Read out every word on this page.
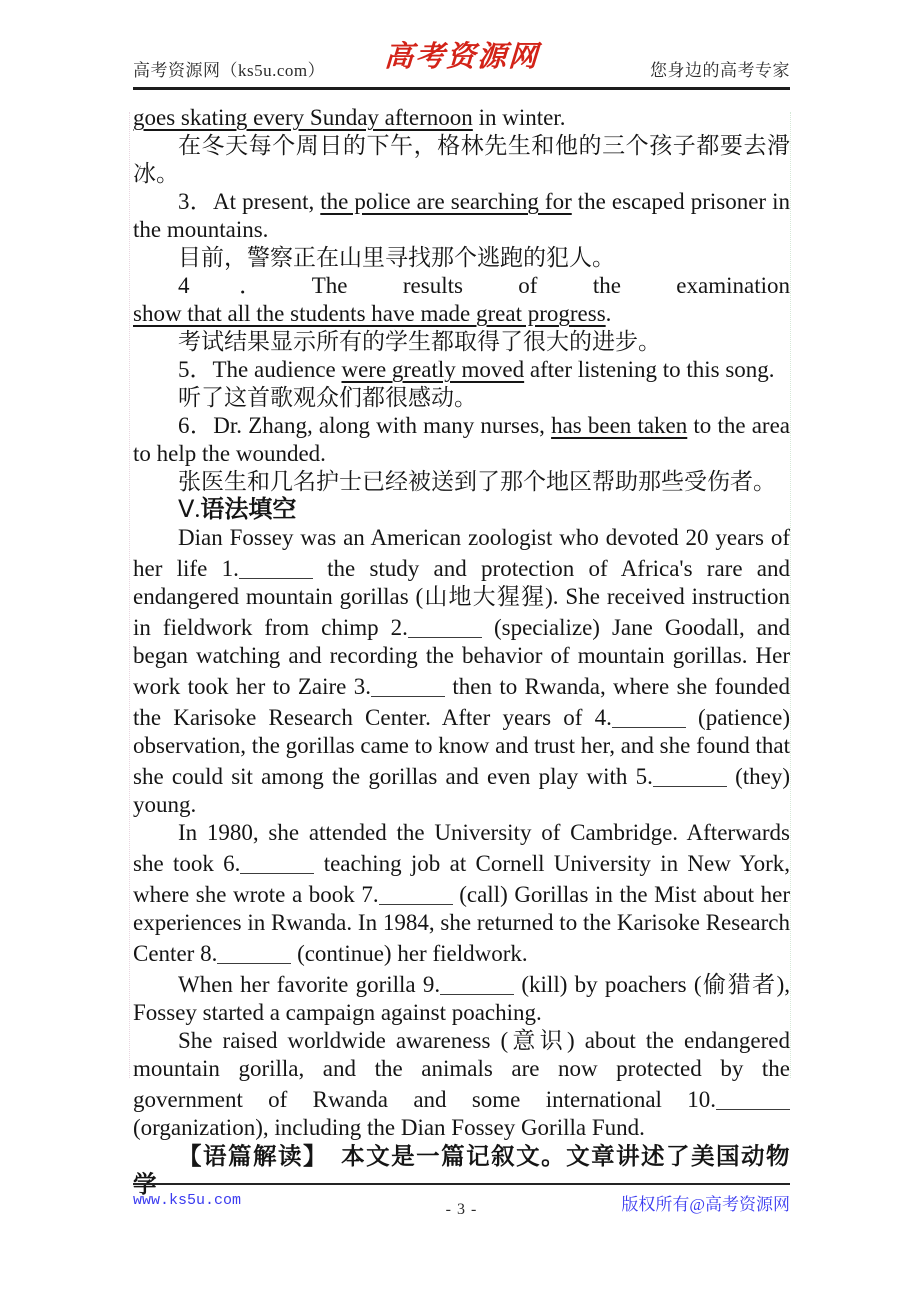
高考资源网（ks5u.com） 高考资源网	您身边的高考专家

goes skating every Sunday afternoon in winter.

在冬天每个周日的下午，格林先生和他的三个孩子都要去滑冰。

3．At present, the police are searching for the escaped prisoner in the mountains.

目前，警察正在山里寻找那个逃跑的犯人。

4．The results of the examination show that all the students have made great progress.

考试结果显示所有的学生都取得了很大的进步。

5．The audience were greatly moved after listening to this song.

听了这首歌观众们都很感动。

6．Dr. Zhang, along with many nurses, has been taken to the area to help the wounded.

张医生和几名护士已经被送到了那个地区帮助那些受伤者。

Ⅴ.语法填空

Dian Fossey was an American zoologist who devoted 20 years of her life 1.	the study and protection of Africa's rare and endangered mountain gorillas (山地大猩猩). She received instruction in fieldwork from chimp 2.	(specialize) Jane Goodall, and began watching and recording the behavior of mountain gorillas. Her work took her to Zaire 3.	then to Rwanda, where she founded the Karisoke Research Center. After years of 4.	(patience) observation, the gorillas came to know and trust her, and she found that she could sit among the gorillas and even play with 5.	(they) young.

In 1980, she attended the University of Cambridge. Afterwards she took 6.	teaching job at Cornell University in New York, where she wrote a book 7.	(call) Gorillas in the Mist about her experiences in Rwanda. In 1984, she returned to the Karisoke Research Center 8.	(continue) her fieldwork.

When her favorite gorilla 9.	(kill) by poachers (偷猎者), Fossey started a campaign against poaching.

She raised worldwide awareness (意识) about the endangered mountain gorilla, and the animals are now protected by the government of Rwanda and some international 10. (organization), including the Dian Fossey Gorilla Fund.

【语篇解读】　本文是一篇记叙文。文章讲述了美国动物学

www.ks5u.com
- 3 -	版权所有@高考资源网
